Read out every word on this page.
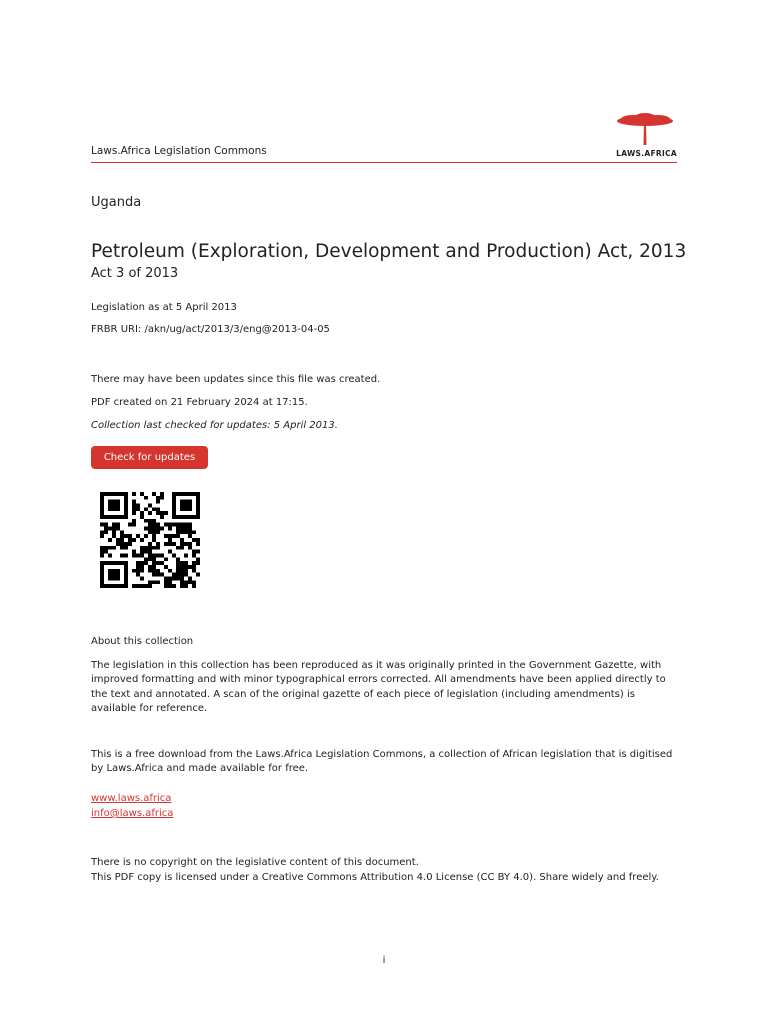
Laws.Africa Legislation Commons	LAWS.AFRICA
Uganda
Petroleum (Exploration, Development and Production) Act, 2013
Act 3 of 2013
Legislation as at 5 April 2013
FRBR URI: /akn/ug/act/2013/3/eng@2013-04-05
There may have been updates since this file was created.
PDF created on 21 February 2024 at 17:15.
Collection last checked for updates: 5 April 2013.
Check for updates
About this collection
The legislation in this collection has been reproduced as it was originally printed in the Government Gazette, with improved formatting and with minor typographical errors corrected. All amendments have been applied directly to the text and annotated. A scan of the original gazette of each piece of legislation (including amendments) is available for reference.
This is a free download from the Laws.Africa Legislation Commons, a collection of African legislation that is digitised by Laws.Africa and made available for free.
www.laws.africa
info@laws.africa
There is no copyright on the legislative content of this document.
This PDF copy is licensed under a Creative Commons Attribution 4.0 License (CC BY 4.0). Share widely and freely.
i
